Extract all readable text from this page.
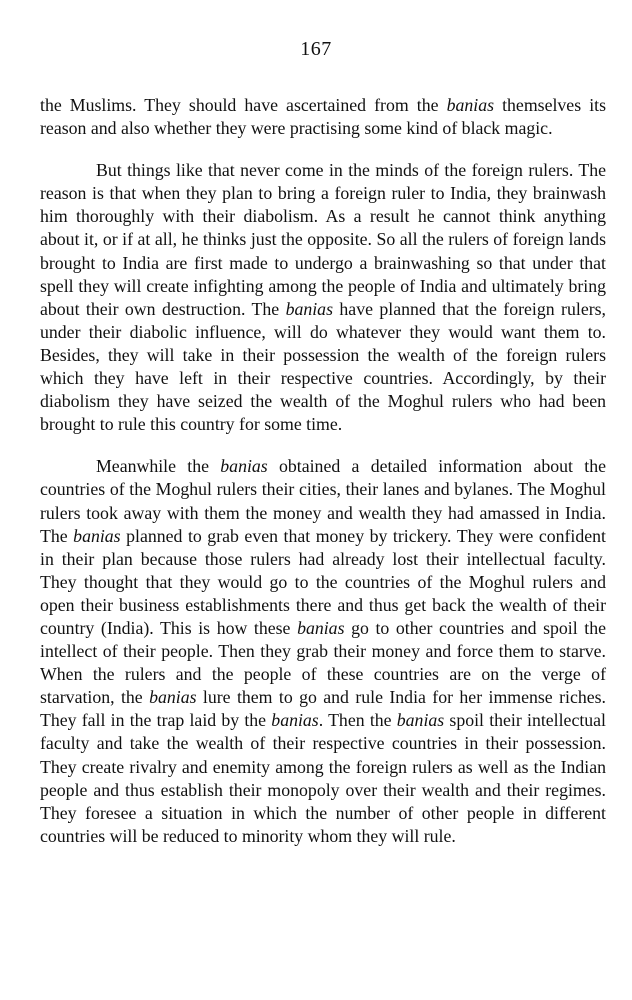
167

the Muslims. They should have ascertained from the banias themselves its reason and also whether they were practising some kind of black magic.

But things like that never come in the minds of the foreign rulers. The reason is that when they plan to bring a foreign ruler to India, they brainwash him thoroughly with their diabolism. As a result he cannot think anything about it, or if at all, he thinks just the opposite. So all the rulers of foreign lands brought to India are first made to undergo a brainwashing so that under that spell they will create infighting among the people of India and ultimately bring about their own destruction. The banias have planned that the foreign rulers, under their diabolic influence, will do whatever they would want them to. Besides, they will take in their possession the wealth of the foreign rulers which they have left in their respective countries. Accordingly, by their diabolism they have seized the wealth of the Moghul rulers who had been brought to rule this country for some time.

Meanwhile the banias obtained a detailed information about the countries of the Moghul rulers their cities, their lanes and bylanes. The Moghul rulers took away with them the money and wealth they had amassed in India. The banias planned to grab even that money by trickery. They were confident in their plan because those rulers had already lost their intellectual faculty. They thought that they would go to the countries of the Moghul rulers and open their business establishments there and thus get back the wealth of their country (India). This is how these banias go to other countries and spoil the intellect of their people. Then they grab their money and force them to starve. When the rulers and the people of these countries are on the verge of starvation, the banias lure them to go and rule India for her immense riches. They fall in the trap laid by the banias. Then the banias spoil their intellectual faculty and take the wealth of their respective countries in their possession. They create rivalry and enemity among the foreign rulers as well as the Indian people and thus establish their monopoly over their wealth and their regimes. They foresee a situation in which the number of other people in different countries will be reduced to minority whom they will rule.
